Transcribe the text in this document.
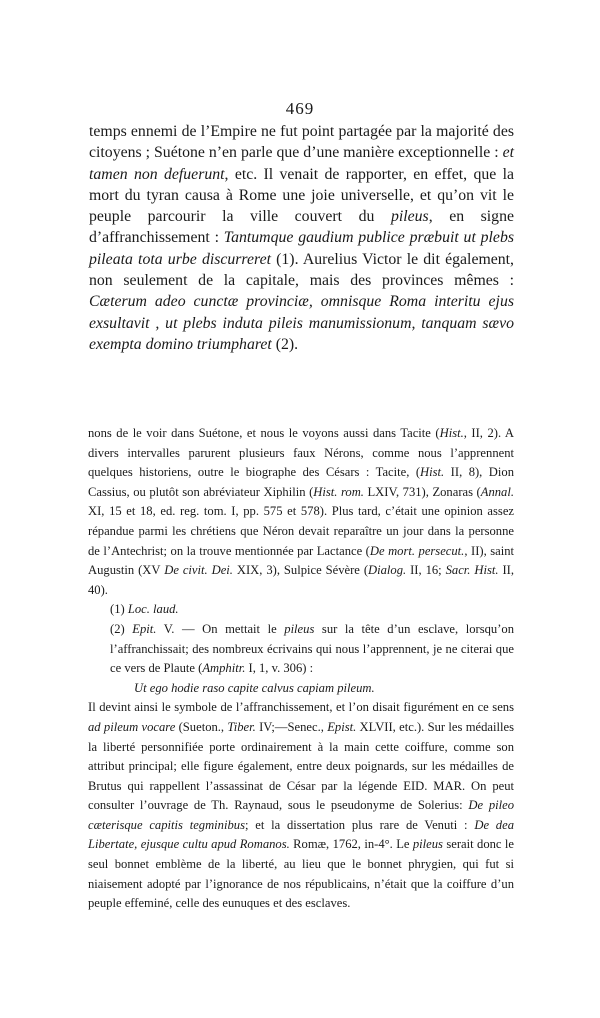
469

temps ennemi de l’Empire ne fut point partagée par la majorité des citoyens ; Suétone n’en parle que d’une manière exceptionnelle : et tamen non defuerunt, etc. Il venait de rapporter, en effet, que la mort du tyran causa à Rome une joie universelle, et qu’on vit le peuple parcourir la ville couvert du pileus, en signe d’affranchissement : Tantumque gaudium publice præbuit ut plebs pileata tota urbe discurreret (1). Aurelius Victor le dit également, non seulement de la capitale, mais des provinces mêmes : Cæterum adeo cunctæ provinciæ, omnisque Roma interitu ejus exsultavit , ut plebs induta pileis manumissionum, tanquam sævo exempta domino triumpharet (2).

nons de le voir dans Suétone, et nous le voyons aussi dans Tacite (Hist., II, 2). A divers intervalles parurent plusieurs faux Nérons, comme nous l’apprennent quelques historiens, outre le biographe des Césars : Tacite, (Hist. II, 8), Dion Cassius, ou plutôt son abréviateur Xiphilin (Hist. rom. LXIV, 731), Zonaras (Annal. XI, 15 et 18, ed. reg. tom. I, pp. 575 et 578). Plus tard, c’était une opinion assez répandue parmi les chrétiens que Néron devait reparaître un jour dans la personne de l’Antechrist; on la trouve mentionnée par Lactance (De mort. persecut., II), saint Augustin (XV De civit. Dei. XIX, 3), Sulpice Sévère (Dialog. II, 16; Sacr. Hist. II, 40).

(1) Loc. laud.

(2) Epit. V. — On mettait le pileus sur la tête d’un esclave, lorsqu’on l’affranchissait; des nombreux écrivains qui nous l’apprennent, je ne citerai que ce vers de Plaute (Amphitr. I, 1, v. 306) :

Ut ego hodie raso capite calvus capiam pileum.

Il devint ainsi le symbole de l’affranchissement, et l’on disait figurément en ce sens ad pileum vocare (Sueton., Tiber. IV;—Senec., Epist. XLVII, etc.). Sur les médailles la liberté personnifiée porte ordinairement à la main cette coiffure, comme son attribut principal; elle figure également, entre deux poignards, sur les médailles de Brutus qui rappellent l’assassinat de César par la légende EID. MAR. On peut consulter l’ouvrage de Th. Raynaud, sous le pseudonyme de Solerius: De pileo cæterisque capitis tegminibus; et la dissertation plus rare de Venuti : De dea Libertate, ejusque cultu apud Romanos. Romæ, 1762, in-4°. Le pileus serait donc le seul bonnet emblème de la liberté, au lieu que le bonnet phrygien, qui fut si niaisement adopté par l’ignorance de nos républicains, n’était que la coiffure d’un peuple effeminé, celle des eunuques et des esclaves.
